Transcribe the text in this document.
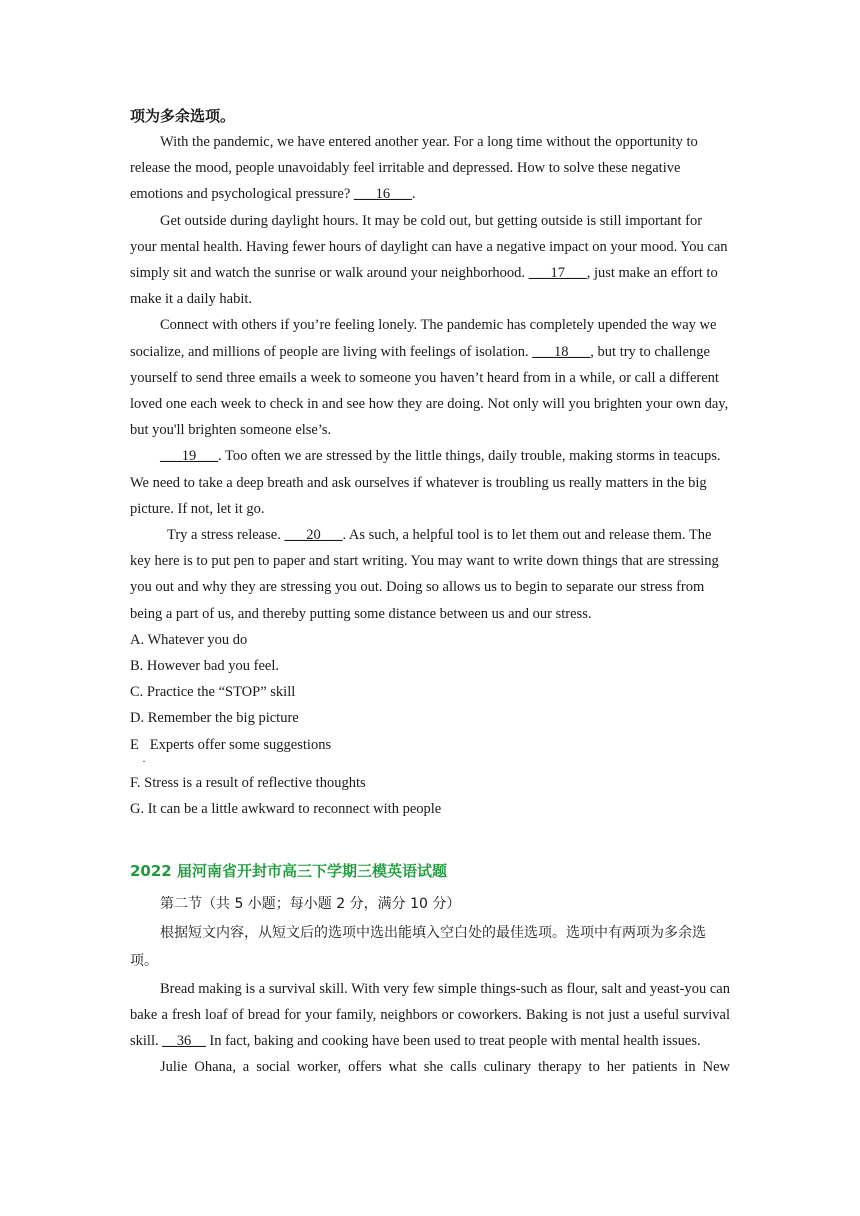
项为多余选项。

With the pandemic, we have entered another year. For a long time without the opportunity to release the mood, people unavoidably feel irritable and depressed. How to solve these negative emotions and psychological pressure? ___16___.

Get outside during daylight hours. It may be cold out, but getting outside is still important for your mental health. Having fewer hours of daylight can have a negative impact on your mood. You can simply sit and watch the sunrise or walk around your neighborhood. ___17___, just make an effort to make it a daily habit.

Connect with others if you’re feeling lonely. The pandemic has completely upended the way we socialize, and millions of people are living with feelings of isolation. ___18___, but try to challenge yourself to send three emails a week to someone you haven’t heard from in a while, or call a different loved one each week to check in and see how they are doing. Not only will you brighten your own day, but you'll brighten someone else’s.

___19___. Too often we are stressed by the little things, daily trouble, making storms in teacups. We need to take a deep breath and ask ourselves if whatever is troubling us really matters in the big picture. If not, let it go.

Try a stress release. ___20___. As such, a helpful tool is to let them out and release them. The key here is to put pen to paper and start writing. You may want to write down things that are stressing you out and why they are stressing you out. Doing so allows us to begin to separate our stress from being a part of us, and thereby putting some distance between us and our stress.

A. Whatever you do

B. However bad you feel.

C. Practice the “STOP” skill

D. Remember the big picture

E Experts offer some suggestions
·

F. Stress is a result of reflective thoughts

G. It can be a little awkward to reconnect with people

2022 届河南省开封市高三下学期三模英语试题

第二节（共 5 小题；每小题 2 分，满分 10 分）

根据短文内容，从短文后的选项中选出能填入空白处的最佳选项。选项中有两项为多余选项。

Bread making is a survival skill. With very few simple things-such as flour, salt and yeast-you can bake a fresh loaf of bread for your family, neighbors or coworkers. Baking is not just a useful survival skill. __36__ In fact, baking and cooking have been used to treat people with mental health issues.

Julie Ohana, a social worker, offers what she calls culinary therapy to her patients in New
